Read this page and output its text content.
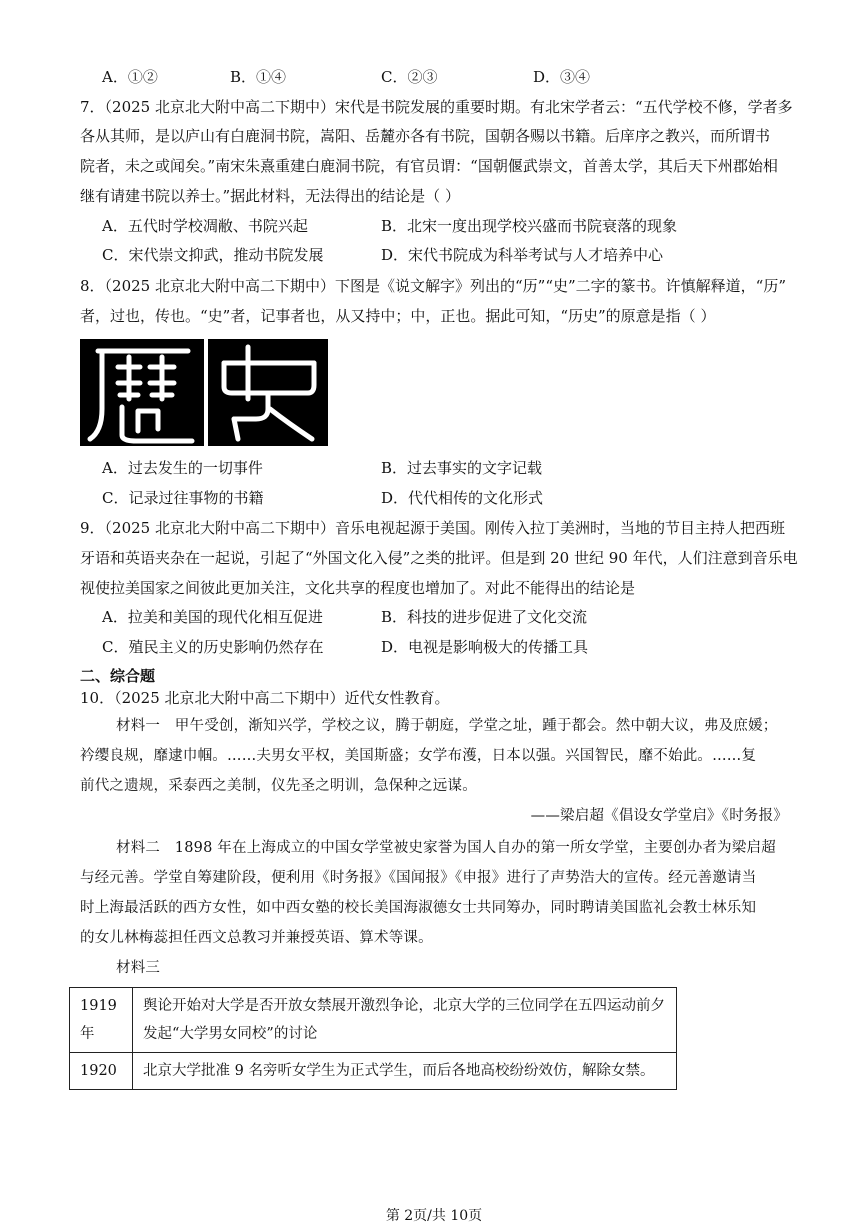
A．①②	B．①④	C．②③	D．③④
7．（2025 北京北大附中高二下期中）宋代是书院发展的重要时期。有北宋学者云：“五代学校不修，学者多
各从其师，是以庐山有白鹿洞书院，嵩阳、岳麓亦各有书院，国朝各赐以书籍。后庠序之教兴，而所谓书
院者，未之或闻矣。”南宋朱熹重建白鹿洞书院，有官员谓：“国朝偃武崇文，首善太学，其后天下州郡始相
继有请建书院以养士。”据此材料，无法得出的结论是（ ）
A．五代时学校凋敝、书院兴起	B．北宋一度出现学校兴盛而书院衰落的现象
C．宋代崇文抑武，推动书院发展	D．宋代书院成为科举考试与人才培养中心
8．（2025 北京北大附中高二下期中）下图是《说文解字》列出的“历”“史”二字的篆书。许慎解释道，“历”
者，过也，传也。“史”者，记事者也，从又持中；中，正也。据此可知，“历史”的原意是指（ ）
A．过去发生的一切事件	B．过去事实的文字记载
C．记录过往事物的书籍	D．代代相传的文化形式
9．（2025 北京北大附中高二下期中）音乐电视起源于美国。刚传入拉丁美洲时，当地的节目主持人把西班
牙语和英语夹杂在一起说，引起了“外国文化入侵”之类的批评。但是到 20 世纪 90 年代，人们注意到音乐电
视使拉美国家之间彼此更加关注，文化共享的程度也增加了。对此不能得出的结论是
A．拉美和美国的现代化相互促进	B．科技的进步促进了文化交流
C．殖民主义的历史影响仍然存在	D．电视是影响极大的传播工具
二、综合题
10．（2025 北京北大附中高二下期中）近代女性教育。
材料一　甲午受创，渐知兴学，学校之议，腾于朝庭，学堂之址，踵于都会。然中朝大议，弗及庶媛；
衿缨良规，靡逮巾帼。……夫男女平权，美国斯盛；女学布濩，日本以强。兴国智民，靡不始此。……复
前代之遗规，采泰西之美制，仪先圣之明训，急保种之远谋。
——梁启超《倡设女学堂启》《时务报》
材料二　1898 年在上海成立的中国女学堂被史家誉为国人自办的第一所女学堂，主要创办者为梁启超
与经元善。学堂自筹建阶段，便利用《时务报》《国闻报》《申报》进行了声势浩大的宣传。经元善邀请当
时上海最活跃的西方女性，如中西女塾的校长美国海淑德女士共同筹办，同时聘请美国监礼会教士林乐知
的女儿林梅蕊担任西文总教习并兼授英语、算术等课。
材料三
1919 年	舆论开始对大学是否开放女禁展开激烈争论，北京大学的三位同学在五四运动前夕发起“大学男女同校”的讨论
1920	北京大学批准 9 名旁听女学生为正式学生，而后各地高校纷纷效仿，解除女禁。
第 2页/共 10页
